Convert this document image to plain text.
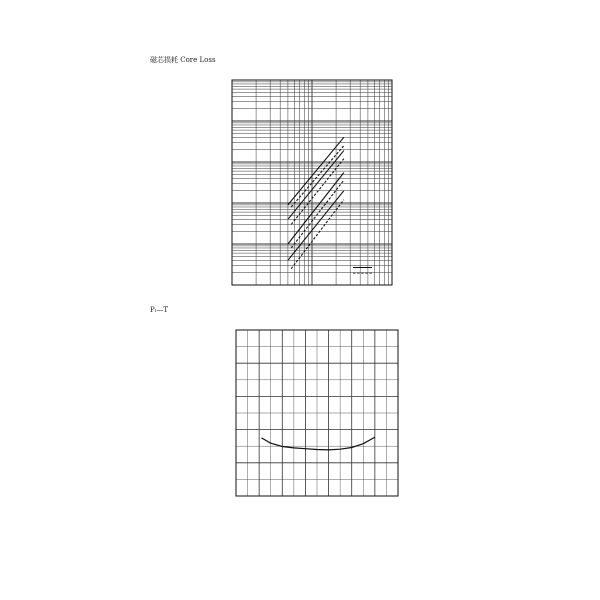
磁芯损耗 Core Loss
Pₗ—T
